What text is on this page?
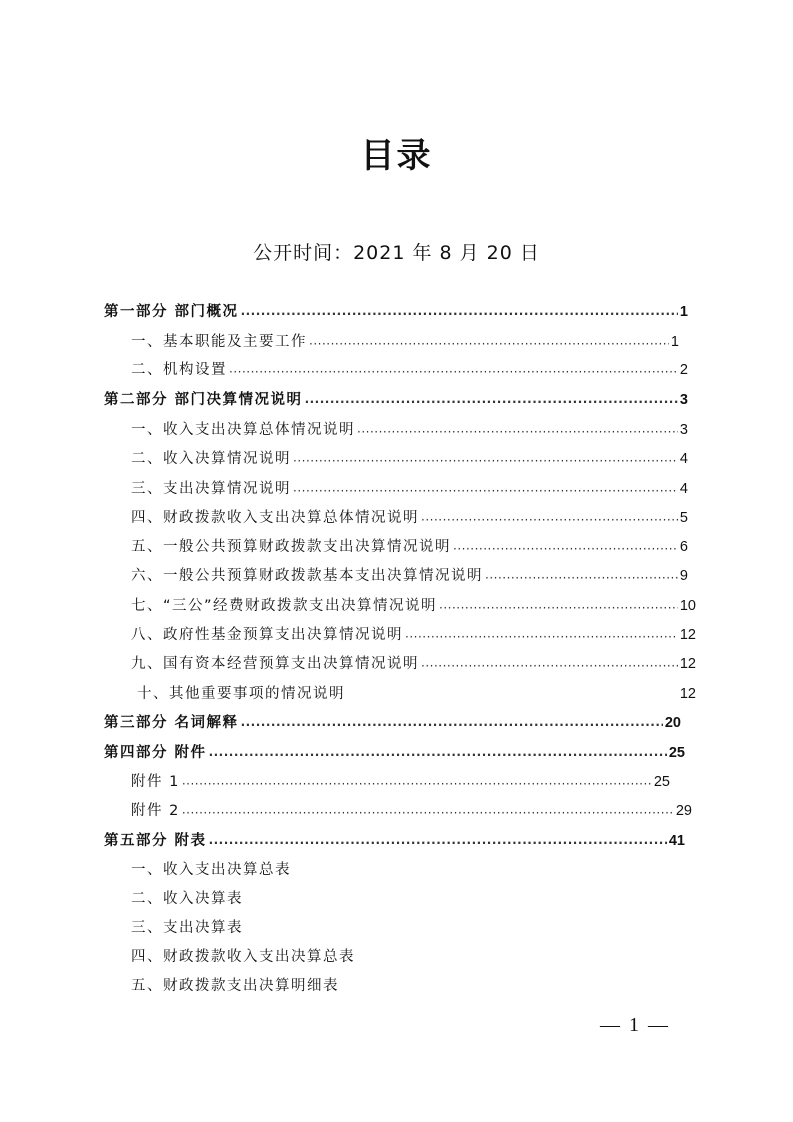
目录
公开时间：2021 年 8 月 20 日
第一部分 部门概况 ·····	1
一、基本职能及主要工作 ·····	1
二、机构设置 ·····	2
第二部分 部门决算情况说明 ·····	3
一、收入支出决算总体情况说明 ·····	3
二、收入决算情况说明 ·····	4
三、支出决算情况说明 ·····	4
四、财政拨款收入支出决算总体情况说明 ·····	5
五、一般公共预算财政拨款支出决算情况说明 ·····	6
六、一般公共预算财政拨款基本支出决算情况说明 ·····	9
七、“三公”经费财政拨款支出决算情况说明 ·····	10
八、政府性基金预算支出决算情况说明 ·····	12
九、国有资本经营预算支出决算情况说明 ·····	12
十、其他重要事项的情况说明	12
第三部分 名词解释 ·····	20
第四部分 附件 ·····	25
附件 1 ·····	25
附件 2 ·····	29
第五部分 附表 ·····	41
一、收入支出决算总表
二、收入决算表
三、支出决算表
四、财政拨款收入支出决算总表
五、财政拨款支出决算明细表
— 1 —
